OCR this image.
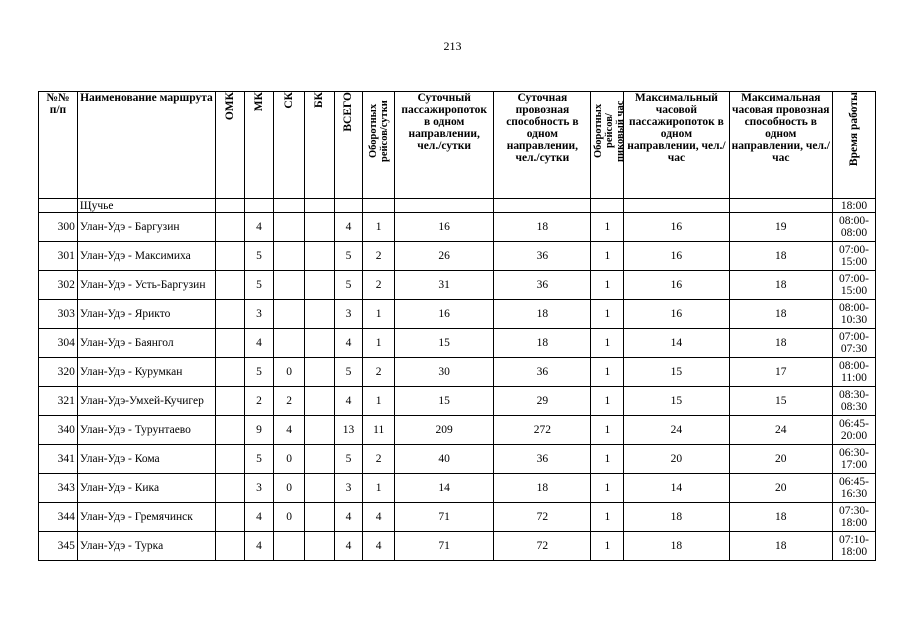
213
№№ п/п	Наименование маршрута	ОМК	МК	СК	БК	ВСЕГО	Оборотных рейсов/сутки	Суточный пассажиропоток в одном направлении, чел./сутки	Суточная провозная способность в одном направлении, чел./сутки	Оборотных рейсов/ пиковый час	Максимальный часовой пассажиропоток в одном направлении, чел./час	Максимальная часовая провозная способность в одном направлении, чел./час	Время работы
	Щучье												18:00
300	Улан-Удэ - Баргузин		4			4	1	16	18	1	16	19	08:00-08:00
301	Улан-Удэ - Максимиха		5			5	2	26	36	1	16	18	07:00-15:00
302	Улан-Удэ - Усть-Баргузин		5			5	2	31	36	1	16	18	07:00-15:00
303	Улан-Удэ - Ярикто		3			3	1	16	18	1	16	18	08:00-10:30
304	Улан-Удэ - Баянгол		4			4	1	15	18	1	14	18	07:00-07:30
320	Улан-Удэ - Курумкан		5	0		5	2	30	36	1	15	17	08:00-11:00
321	Улан-Удэ-Умхей-Кучигер		2	2		4	1	15	29	1	15	15	08:30-08:30
340	Улан-Удэ - Турунтаево		9	4		13	11	209	272	1	24	24	06:45-20:00
341	Улан-Удэ - Кома		5	0		5	2	40	36	1	20	20	06:30-17:00
343	Улан-Удэ - Кика		3	0		3	1	14	18	1	14	20	06:45-16:30
344	Улан-Удэ - Гремячинск		4	0		4	4	71	72	1	18	18	07:30-18:00
345	Улан-Удэ - Турка		4			4	4	71	72	1	18	18	07:10-18:00
